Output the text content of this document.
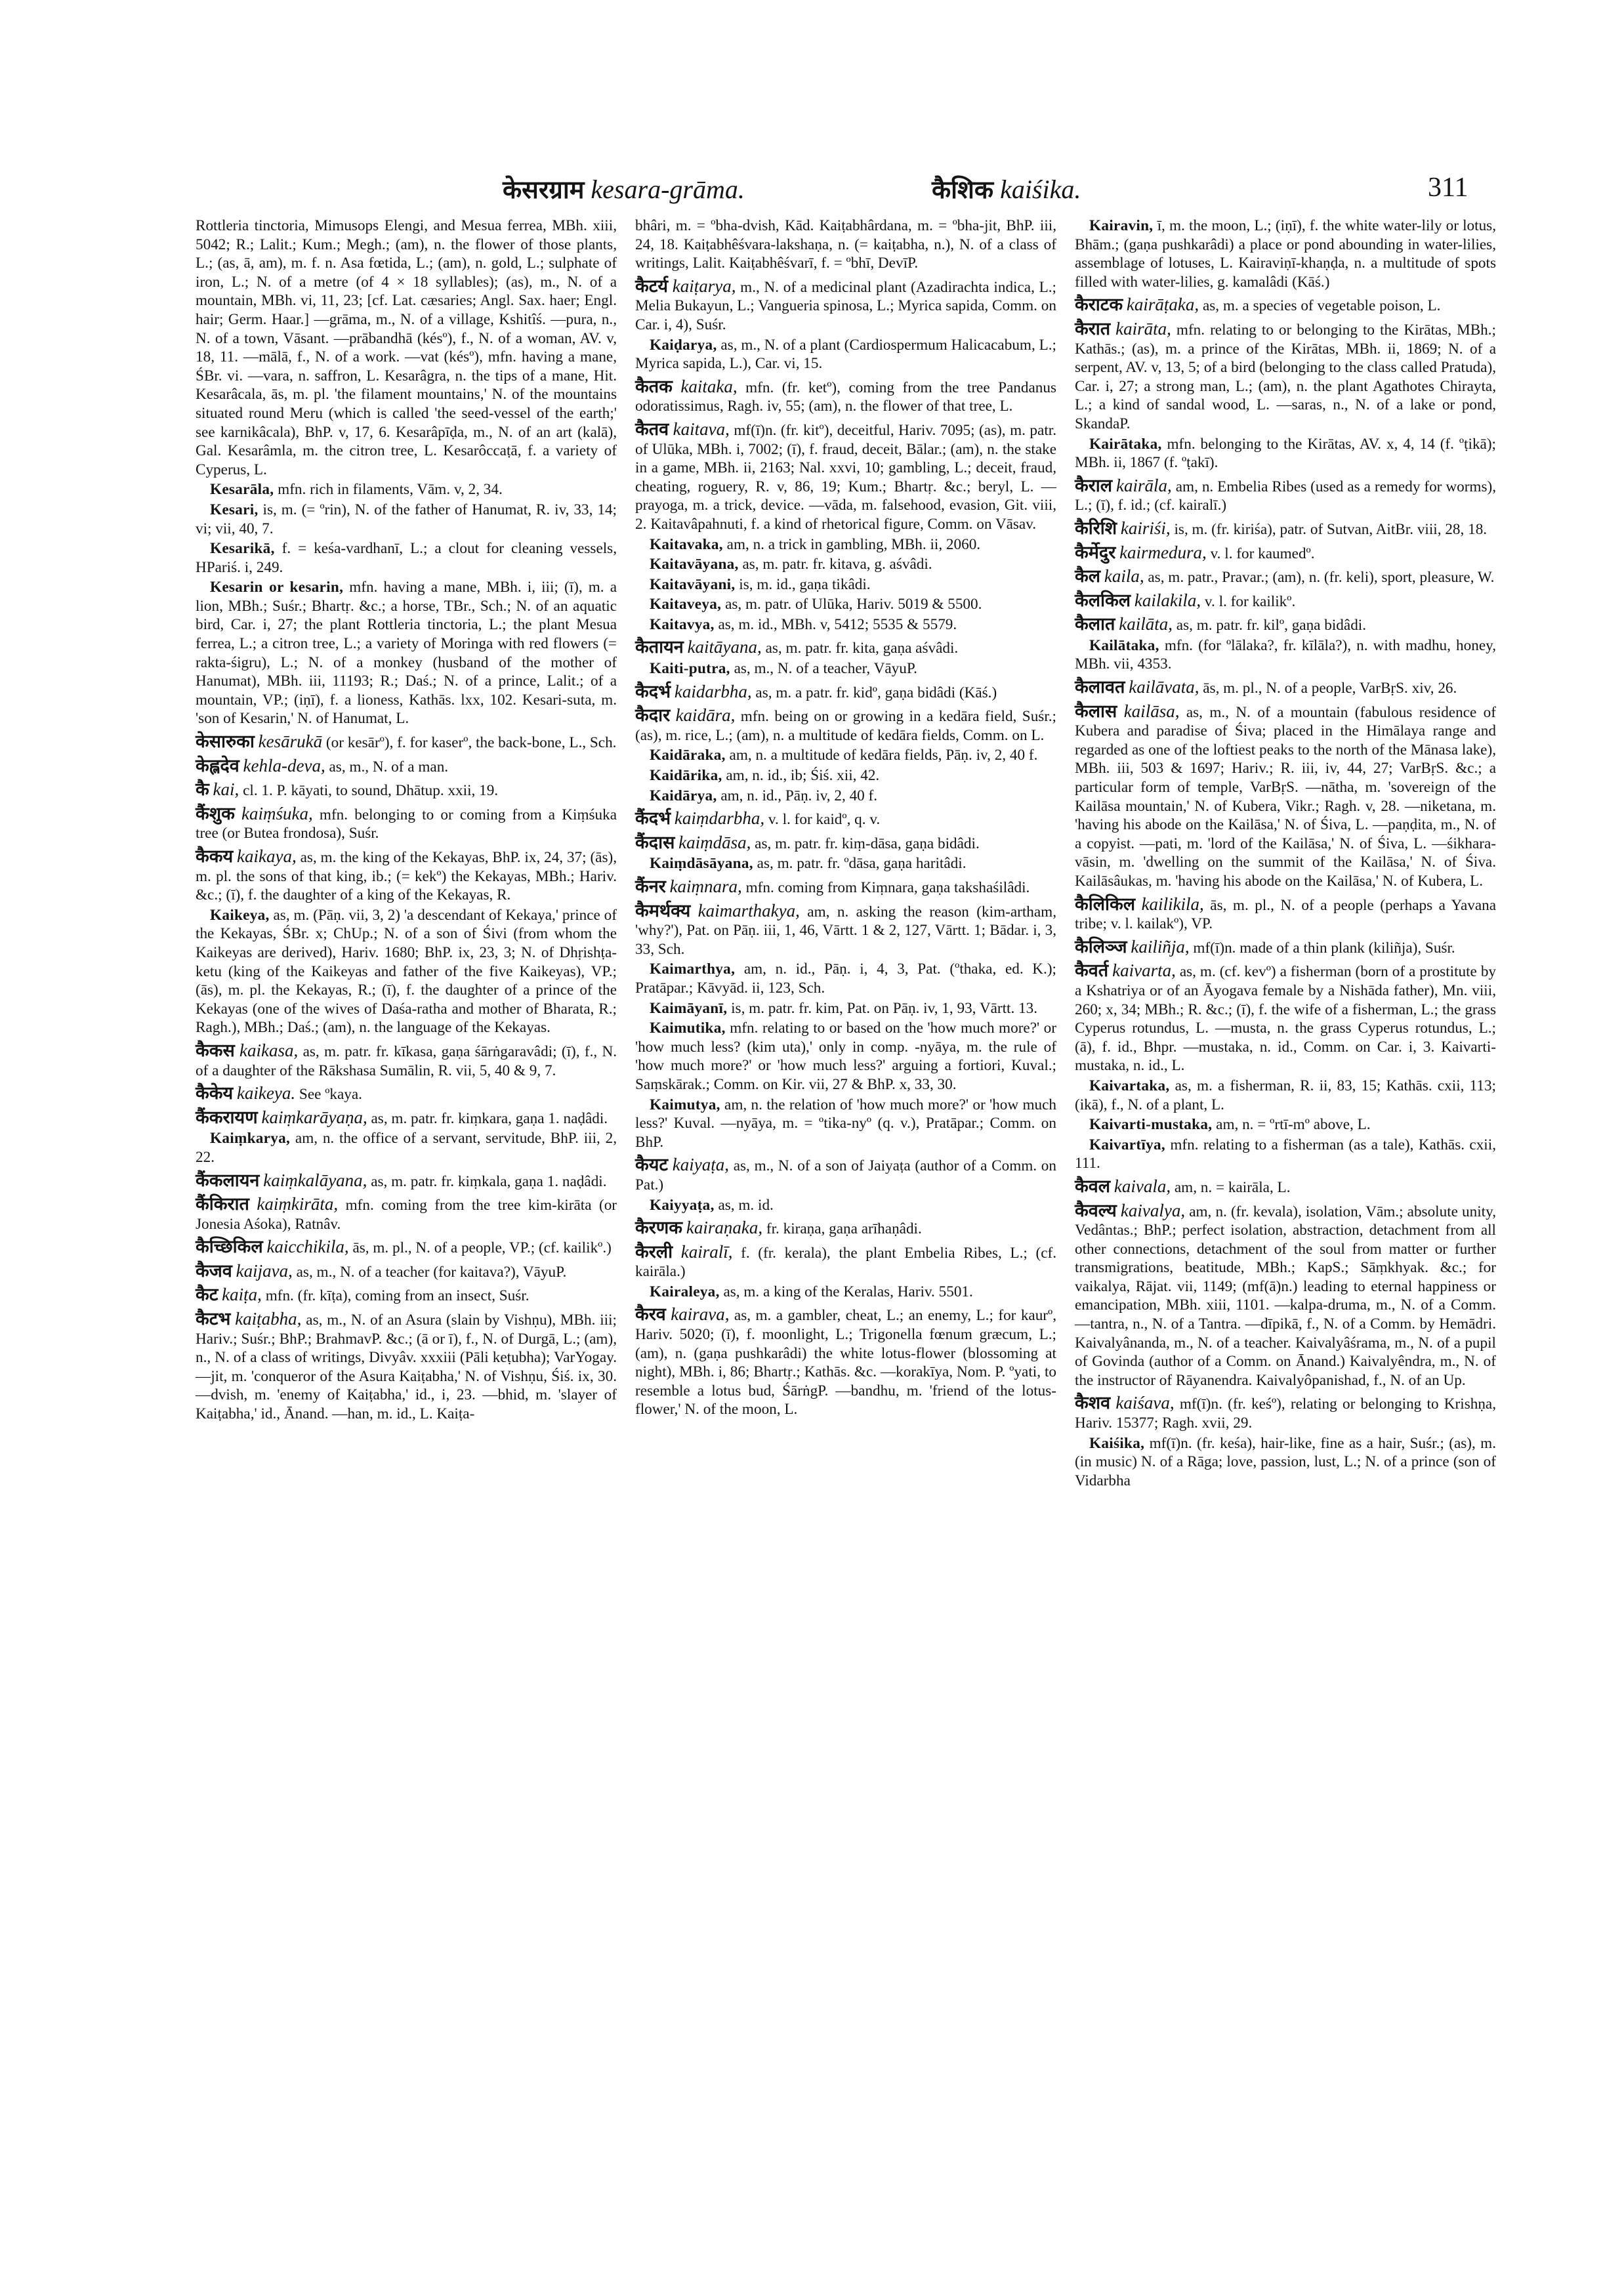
केसरग्राम kesara-grāma.	कैशिक kaiśika.	311

Rottleria tinctoria, Mimusops Elengi, and Mesua ferrea, MBh. xiii, 5042; R.; Lalit.; Kum.; Megh.; (am), n. the flower of those plants, L.; (as, ā, am), m. f. n. Asa fœtida, L.; (am), n. gold, L.; sulphate of iron, L.; N. of a metre (of 4 × 18 syllables); (as), m., N. of a mountain, MBh. vi, 11, 23; [cf. Lat. cæsaries; Angl. Sax. haer; Engl. hair; Germ. Haar.] —grāma, m., N. of a village, Kshitîś. —pura, n., N. of a town, Vāsant. —prābandhā (késº), f., N. of a woman, AV. v, 18, 11. —mālā, f., N. of a work. —vat (késº), mfn. having a mane, ŚBr. vi. —vara, n. saffron, L. Kesarâgra, n. the tips of a mane, Hit. Kesarâcala, ās, m. pl. 'the filament mountains,' N. of the mountains situated round Meru (which is called 'the seed-vessel of the earth;' see karnikâcala), BhP. v, 17, 6. Kesarâpīḍa, m., N. of an art (kalā), Gal. Kesarâmla, m. the citron tree, L. Kesarôccaṭā, f. a variety of Cyperus, L.

Kesarāla, mfn. rich in filaments, Vām. v, 2, 34.

Kesari, is, m. (= ºrin), N. of the father of Hanumat, R. iv, 33, 14; vi; vii, 40, 7.

Kesarikā, f. = keśa-vardhanī, L.; a clout for cleaning vessels, HPariś. i, 249.

Kesarin or kesarin, mfn. having a mane, MBh. i, iii; (ī), m. a lion, MBh.; Suśr.; Bhartṛ. &c.; a horse, TBr., Sch.; N. of an aquatic bird, Car. i, 27; the plant Rottleria tinctoria, L.; the plant Mesua ferrea, L.; a citron tree, L.; a variety of Moringa with red flowers (= rakta-śigru), L.; N. of a monkey (husband of the mother of Hanumat), MBh. iii, 11193; R.; Daś.; N. of a prince, Lalit.; of a mountain, VP.; (iṇī), f. a lioness, Kathās. lxx, 102. Kesari-suta, m. 'son of Kesarin,' N. of Hanumat, L.

केसारुका kesārukā (or kesārº), f. for kaserº, the back-bone, L., Sch.

केह्लदेव kehla-deva, as, m., N. of a man.

कै kai, cl. 1. P. kāyati, to sound, Dhātup. xxii, 19.

कैंशुक kaiṃśuka, mfn. belonging to or coming from a Kiṃśuka tree (or Butea frondosa), Suśr.

कैकय kaikaya, as, m. the king of the Kekayas, BhP. ix, 24, 37; (ās), m. pl. the sons of that king, ib.; (= kekº) the Kekayas, MBh.; Hariv. &c.; (ī), f. the daughter of a king of the Kekayas, R.

Kaikeya, as, m. (Pāṇ. vii, 3, 2) 'a descendant of Kekaya,' prince of the Kekayas, ŚBr. x; ChUp.; N. of a son of Śivi (from whom the Kaikeyas are derived), Hariv. 1680; BhP. ix, 23, 3; N. of Dhṛishṭa-ketu (king of the Kaikeyas and father of the five Kaikeyas), VP.; (ās), m. pl. the Kekayas, R.; (ī), f. the daughter of a prince of the Kekayas (one of the wives of Daśa-ratha and mother of Bharata, R.; Ragh.), MBh.; Daś.; (am), n. the language of the Kekayas.

कैकस kaikasa, as, m. patr. fr. kīkasa, gaṇa śārṅgaravâdi; (ī), f., N. of a daughter of the Rākshasa Sumālin, R. vii, 5, 40 & 9, 7.

कैकेय kaikeya. See ºkaya.

कैंकरायण kaiṃkarāyaṇa, as, m. patr. fr. kiṃkara, gaṇa 1. naḍâdi.

Kaiṃkarya, am, n. the office of a servant, servitude, BhP. iii, 2, 22.

कैंकलायन kaiṃkalāyana, as, m. patr. fr. kiṃkala, gaṇa 1. naḍâdi.

कैंकिरात kaiṃkirāta, mfn. coming from the tree kim-kirāta (or Jonesia Aśoka), Ratnâv.

कैच्छिकिल kaicchikila, ās, m. pl., N. of a people, VP.; (cf. kailikº.)

कैजव kaijava, as, m., N. of a teacher (for kaitava?), VāyuP.

कैट kaiṭa, mfn. (fr. kīṭa), coming from an insect, Suśr.

कैटभ kaiṭabha, as, m., N. of an Asura (slain by Vishṇu), MBh. iii; Hariv.; Suśr.; BhP.; BrahmavP. &c.; (ā or ī), f., N. of Durgā, L.; (am), n., N. of a class of writings, Divyâv. xxxiii (Pāli keṭubha); VarYogay. —jit, m. 'conqueror of the Asura Kaiṭabha,' N. of Vishṇu, Śiś. ix, 30. —dvish, m. 'enemy of Kaiṭabha,' id., i, 23. —bhid, m. 'slayer of Kaiṭabha,' id., Ānand. —han, m. id., L. Kaiṭa-

bhâri, m. = ºbha-dvish, Kād. Kaiṭabhârdana, m. = ºbha-jit, BhP. iii, 24, 18. Kaiṭabhêśvara-lakshaṇa, n. (= kaiṭabha, n.), N. of a class of writings, Lalit. Kaiṭabhêśvarī, f. = ºbhī, DevīP.

कैटर्य kaiṭarya, m., N. of a medicinal plant (Azadirachta indica, L.; Melia Bukayun, L.; Vangueria spinosa, L.; Myrica sapida, Comm. on Car. i, 4), Suśr.

Kaiḍarya, as, m., N. of a plant (Cardiospermum Halicacabum, L.; Myrica sapida, L.), Car. vi, 15.

कैतक kaitaka, mfn. (fr. ketº), coming from the tree Pandanus odoratissimus, Ragh. iv, 55; (am), n. the flower of that tree, L.

कैतव kaitava, mf(ī)n. (fr. kitº), deceitful, Hariv. 7095; (as), m. patr. of Ulūka, MBh. i, 7002; (ī), f. fraud, deceit, Bālar.; (am), n. the stake in a game, MBh. ii, 2163; Nal. xxvi, 10; gambling, L.; deceit, fraud, cheating, roguery, R. v, 86, 19; Kum.; Bhartṛ. &c.; beryl, L. —prayoga, m. a trick, device. —vāda, m. falsehood, evasion, Git. viii, 2. Kaitavâpahnuti, f. a kind of rhetorical figure, Comm. on Vāsav.

Kaitavaka, am, n. a trick in gambling, MBh. ii, 2060.

Kaitavāyana, as, m. patr. fr. kitava, g. aśvâdi.

Kaitavāyani, is, m. id., gaṇa tikâdi.

Kaitaveya, as, m. patr. of Ulūka, Hariv. 5019 & 5500.

Kaitavya, as, m. id., MBh. v, 5412; 5535 & 5579.

कैतायन kaitāyana, as, m. patr. fr. kita, gaṇa aśvâdi.

Kaiti-putra, as, m., N. of a teacher, VāyuP.

कैदर्भ kaidarbha, as, m. a patr. fr. kidº, gaṇa bidâdi (Kāś.)

कैदार kaidāra, mfn. being on or growing in a kedāra field, Suśr.; (as), m. rice, L.; (am), n. a multitude of kedāra fields, Comm. on L.

Kaidāraka, am, n. a multitude of kedāra fields, Pāṇ. iv, 2, 40 f.

Kaidārika, am, n. id., ib; Śiś. xii, 42.

Kaidārya, am, n. id., Pāṇ. iv, 2, 40 f.

कैंदर्भ kaiṃdarbha, v. l. for kaidº, q. v.

कैंदास kaiṃdāsa, as, m. patr. fr. kiṃ-dāsa, gaṇa bidâdi.

Kaiṃdāsāyana, as, m. patr. fr. ºdāsa, gaṇa haritâdi.

कैंनर kaiṃnara, mfn. coming from Kiṃnara, gaṇa takshaśilâdi.

कैमर्थक्य kaimarthakya, am, n. asking the reason (kim-artham, 'why?'), Pat. on Pāṇ. iii, 1, 46, Vārtt. 1 & 2, 127, Vārtt. 1; Bādar. i, 3, 33, Sch.

Kaimarthya, am, n. id., Pāṇ. i, 4, 3, Pat. (ºthaka, ed. K.); Pratāpar.; Kāvyād. ii, 123, Sch.

Kaimāyanī, is, m. patr. fr. kim, Pat. on Pāṇ. iv, 1, 93, Vārtt. 13.

Kaimutika, mfn. relating to or based on the 'how much more?' or 'how much less? (kim uta),' only in comp. -nyāya, m. the rule of 'how much more?' or 'how much less?' arguing a fortiori, Kuval.; Saṃskārak.; Comm. on Kir. vii, 27 & BhP. x, 33, 30.

Kaimutya, am, n. the relation of 'how much more?' or 'how much less?' Kuval. —nyāya, m. = ºtika-nyº (q. v.), Pratāpar.; Comm. on BhP.

कैयट kaiyaṭa, as, m., N. of a son of Jaiyaṭa (author of a Comm. on Pat.)

Kaiyyaṭa, as, m. id.

कैरणक kairaṇaka, fr. kiraṇa, gaṇa arīhaṇâdi.

कैरली kairalī, f. (fr. kerala), the plant Embelia Ribes, L.; (cf. kairāla.)

Kairaleya, as, m. a king of the Keralas, Hariv. 5501.

कैरव kairava, as, m. a gambler, cheat, L.; an enemy, L.; for kaurº, Hariv. 5020; (ī), f. moonlight, L.; Trigonella fœnum græcum, L.; (am), n. (gaṇa pushkarâdi) the white lotus-flower (blossoming at night), MBh. i, 86; Bhartṛ.; Kathās. &c. —korakīya, Nom. P. ºyati, to resemble a lotus bud, ŚārṅgP. —bandhu, m. 'friend of the lotus-flower,' N. of the moon, L.

Kairavin, ī, m. the moon, L.; (iṇī), f. the white water-lily or lotus, Bhām.; (gaṇa pushkarâdi) a place or pond abounding in water-lilies, assemblage of lotuses, L. Kairaviṇī-khaṇḍa, n. a multitude of spots filled with water-lilies, g. kamalâdi (Kāś.)

कैराटक kairāṭaka, as, m. a species of vegetable poison, L.

कैरात kairāta, mfn. relating to or belonging to the Kirātas, MBh.; Kathās.; (as), m. a prince of the Kirātas, MBh. ii, 1869; N. of a serpent, AV. v, 13, 5; of a bird (belonging to the class called Pratuda), Car. i, 27; a strong man, L.; (am), n. the plant Agathotes Chirayta, L.; a kind of sandal wood, L. —saras, n., N. of a lake or pond, SkandaP.

Kairātaka, mfn. belonging to the Kirātas, AV. x, 4, 14 (f. ºṭikā); MBh. ii, 1867 (f. ºṭakī).

कैराल kairāla, am, n. Embelia Ribes (used as a remedy for worms), L.; (ī), f. id.; (cf. kairalī.)

कैरिशि kairiśi, is, m. (fr. kiriśa), patr. of Sutvan, AitBr. viii, 28, 18.

कैर्मेदुर kairmedura, v. l. for kaumedº.

कैल kaila, as, m. patr., Pravar.; (am), n. (fr. keli), sport, pleasure, W.

कैलकिल kailakila, v. l. for kailikº.

कैलात kailāta, as, m. patr. fr. kilº, gaṇa bidâdi.

Kailātaka, mfn. (for ºlālaka?, fr. kīlāla?), n. with madhu, honey, MBh. vii, 4353.

कैलावत kailāvata, ās, m. pl., N. of a people, VarBṛS. xiv, 26.

कैलास kailāsa, as, m., N. of a mountain (fabulous residence of Kubera and paradise of Śiva; placed in the Himālaya range and regarded as one of the loftiest peaks to the north of the Mānasa lake), MBh. iii, 503 & 1697; Hariv.; R. iii, iv, 44, 27; VarBṛS. &c.; a particular form of temple, VarBṛS. —nātha, m. 'sovereign of the Kailāsa mountain,' N. of Kubera, Vikr.; Ragh. v, 28. —niketana, m. 'having his abode on the Kailāsa,' N. of Śiva, L. —paṇḍita, m., N. of a copyist. —pati, m. 'lord of the Kailāsa,' N. of Śiva, L. —śikhara-vāsin, m. 'dwelling on the summit of the Kailāsa,' N. of Śiva. Kailāsâukas, m. 'having his abode on the Kailāsa,' N. of Kubera, L.

कैलिकिल kailikila, ās, m. pl., N. of a people (perhaps a Yavana tribe; v. l. kailakº), VP.

कैलिञ्ज kailiñja, mf(ī)n. made of a thin plank (kiliñja), Suśr.

कैवर्त kaivarta, as, m. (cf. kevº) a fisherman (born of a prostitute by a Kshatriya or of an Āyogava female by a Nishāda father), Mn. viii, 260; x, 34; MBh.; R. &c.; (ī), f. the wife of a fisherman, L.; the grass Cyperus rotundus, L. —musta, n. the grass Cyperus rotundus, L.; (ā), f. id., Bhpr. —mustaka, n. id., Comm. on Car. i, 3. Kaivarti-mustaka, n. id., L.

Kaivartaka, as, m. a fisherman, R. ii, 83, 15; Kathās. cxii, 113; (ikā), f., N. of a plant, L.

Kaivarti-mustaka, am, n. = ºrtī-mº above, L.

Kaivartīya, mfn. relating to a fisherman (as a tale), Kathās. cxii, 111.

कैवल kaivala, am, n. = kairāla, L.

कैवल्य kaivalya, am, n. (fr. kevala), isolation, Vām.; absolute unity, Vedântas.; BhP.; perfect isolation, abstraction, detachment from all other connections, detachment of the soul from matter or further transmigrations, beatitude, MBh.; KapS.; Sāṃkhyak. &c.; for vaikalya, Rājat. vii, 1149; (mf(ā)n.) leading to eternal happiness or emancipation, MBh. xiii, 1101. —kalpa-druma, m., N. of a Comm. —tantra, n., N. of a Tantra. —dīpikā, f., N. of a Comm. by Hemādri. Kaivalyânanda, m., N. of a teacher. Kaivalyâśrama, m., N. of a pupil of Govinda (author of a Comm. on Ānand.) Kaivalyêndra, m., N. of the instructor of Rāyanendra. Kaivalyôpanishad, f., N. of an Up.

कैशव kaiśava, mf(ī)n. (fr. keśº), relating or belonging to Krishṇa, Hariv. 15377; Ragh. xvii, 29.

Kaiśika, mf(ī)n. (fr. keśa), hair-like, fine as a hair, Suśr.; (as), m. (in music) N. of a Rāga; love, passion, lust, L.; N. of a prince (son of Vidarbha
